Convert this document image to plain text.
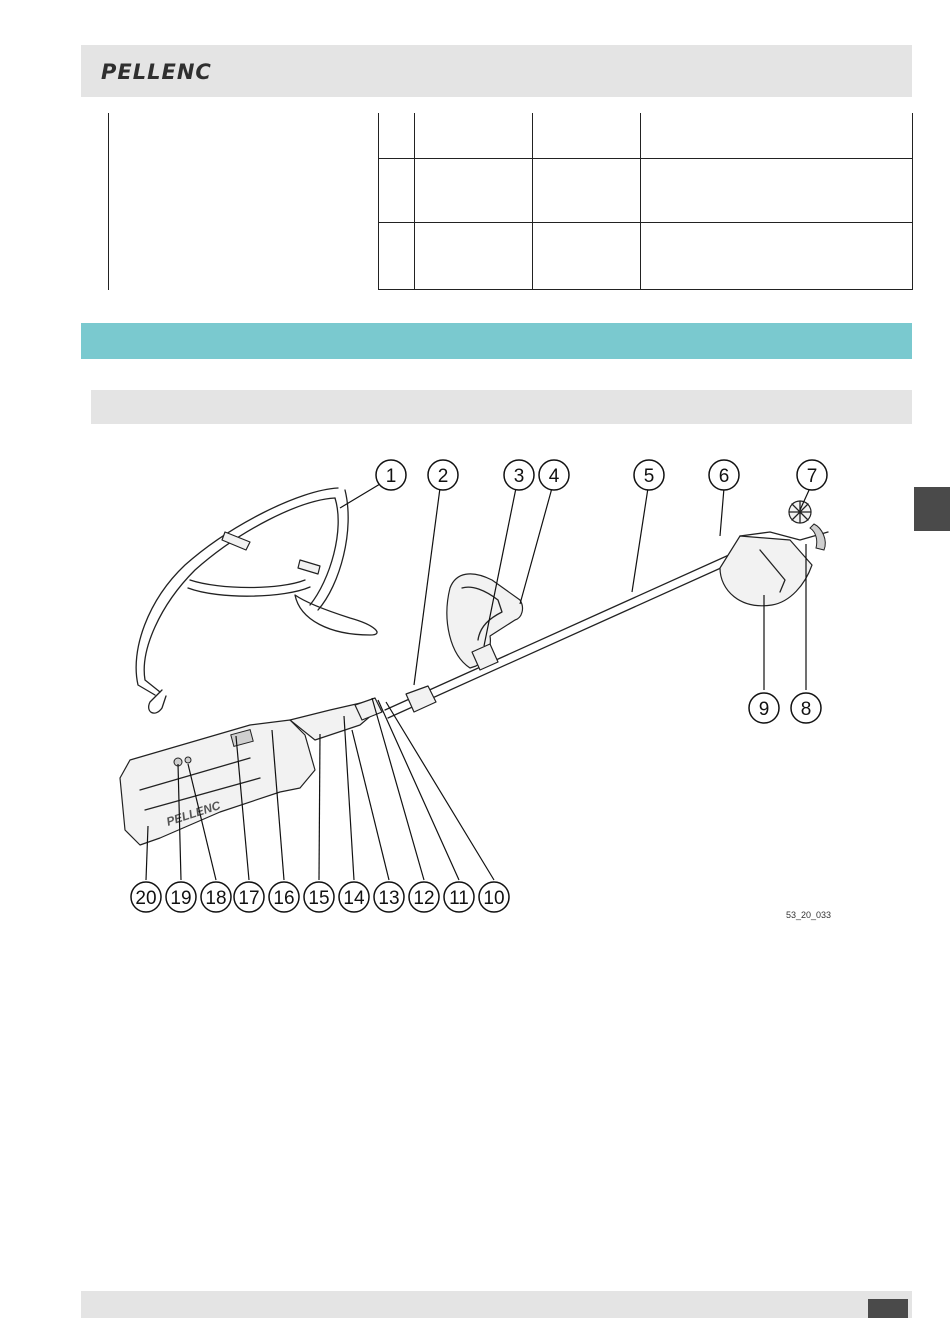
PELLENC

PELLENC
1 2	3 4	5	6	7
8
9
10
11
12
13
14
15
16
17
18
19
20
53_20_033
